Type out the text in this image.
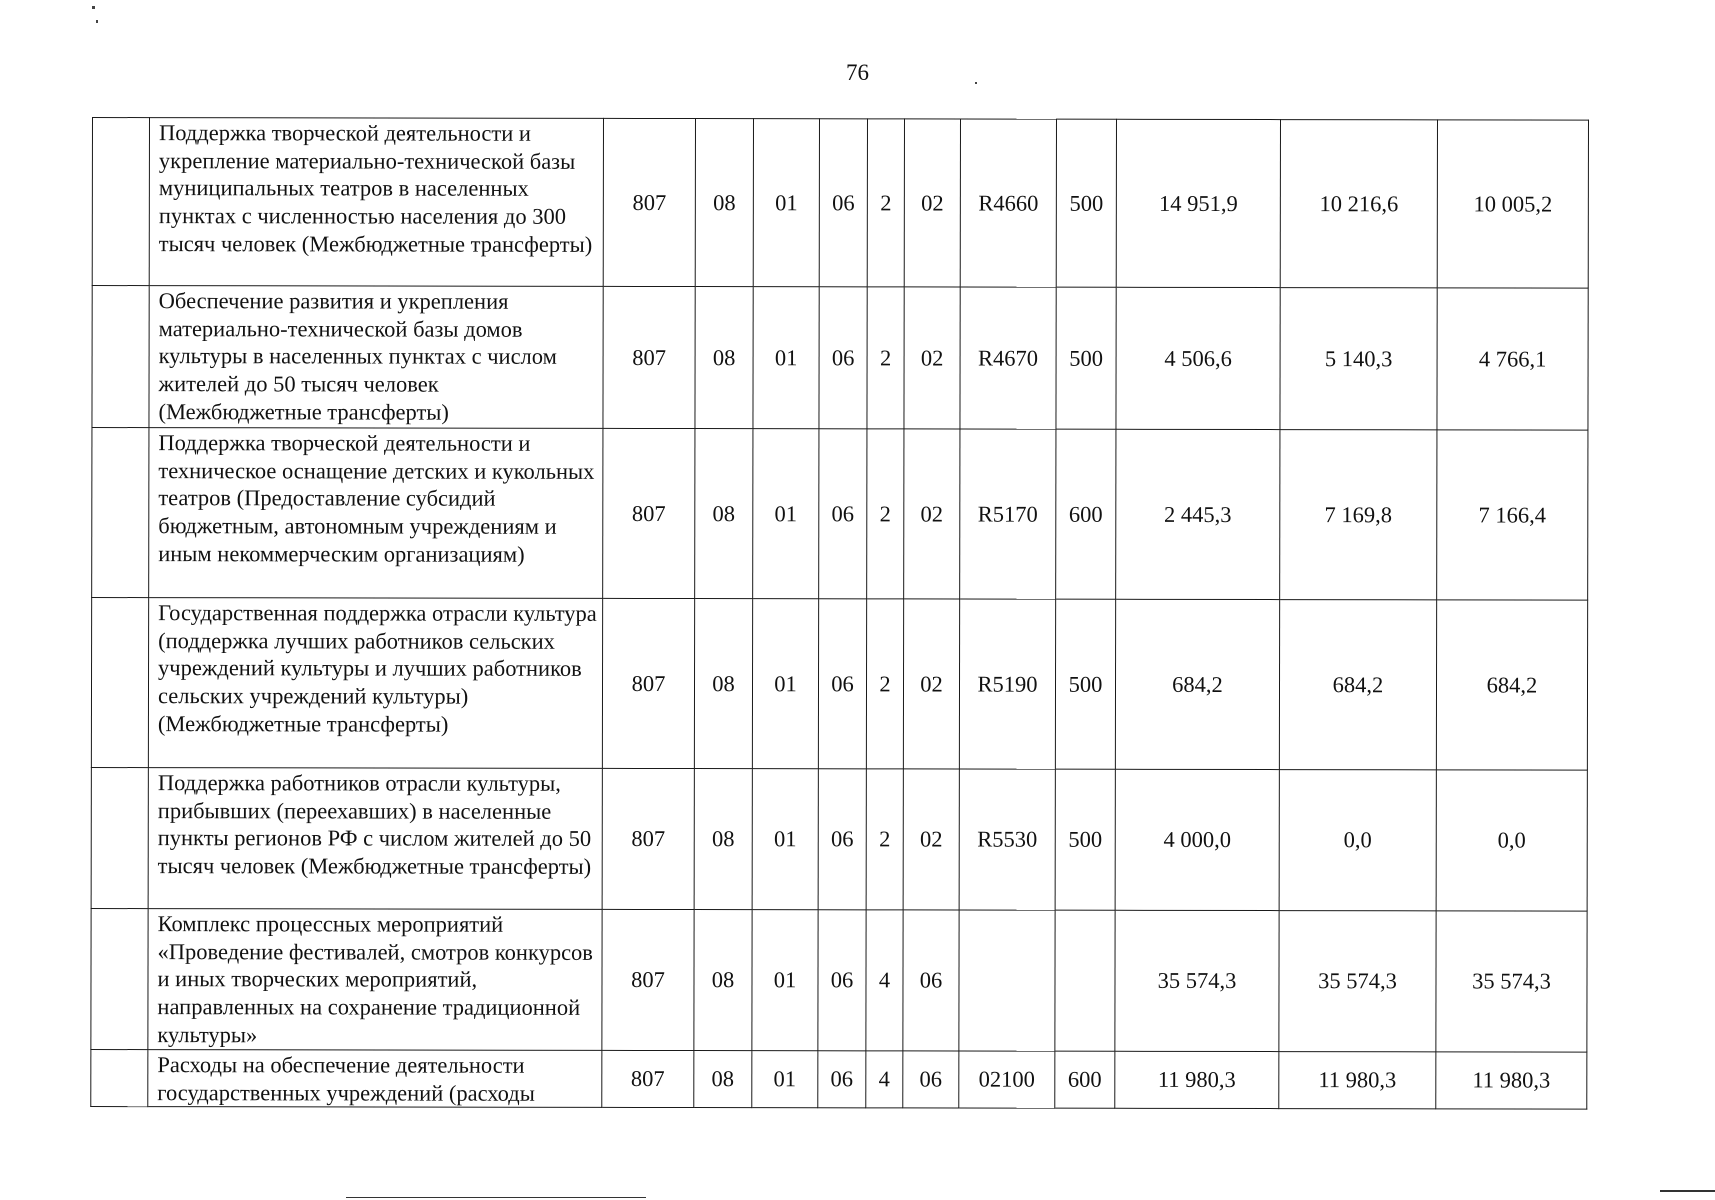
76
	Поддержка творческой деятельности и укрепление материально-технической базы муниципальных театров в населенных пунктах с численностью населения до 300 тысяч человек (Межбюджетные трансферты)	807	08	01	06	2	02	R4660	500	14 951,9	10 216,6	10 005,2
	Обеспечение развития и укрепления материально-технической базы домов культуры в населенных пунктах с числом жителей до 50 тысяч человек (Межбюджетные трансферты)	807	08	01	06	2	02	R4670	500	4 506,6	5 140,3	4 766,1
	Поддержка творческой деятельности и техническое оснащение детских и кукольных театров (Предоставление субсидий бюджетным, автономным учреждениям и иным некоммерческим организациям)	807	08	01	06	2	02	R5170	600	2 445,3	7 169,8	7 166,4
	Государственная поддержка отрасли культура (поддержка лучших работников сельских учреждений культуры и лучших работников сельских учреждений культуры) (Межбюджетные трансферты)	807	08	01	06	2	02	R5190	500	684,2	684,2	684,2
	Поддержка работников отрасли культуры, прибывших (переехавших) в населенные пункты регионов РФ с числом жителей до 50 тысяч человек (Межбюджетные трансферты)	807	08	01	06	2	02	R5530	500	4 000,0	0,0	0,0
	Комплекс процессных мероприятий «Проведение фестивалей, смотров конкурсов и иных творческих мероприятий, направленных на сохранение традиционной культуры»	807	08	01	06	4	06			35 574,3	35 574,3	35 574,3
	Расходы на обеспечение деятельности государственных учреждений (расходы	807	08	01	06	4	06	02100	600	11 980,3	11 980,3	11 980,3
